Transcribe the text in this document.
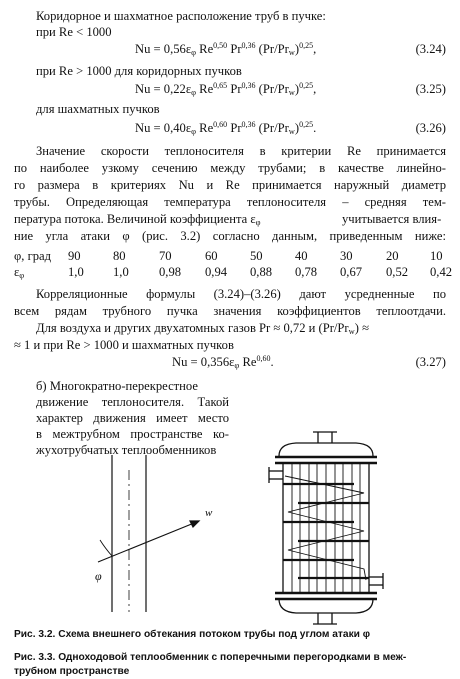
Коридорное и шахматное расположение труб в пучке:
при Re < 1000
$Nu = 0,56\varepsilon_\varphi$ Re$^{0,50}$ Pr$^{0,36}$ $(Pr/Pr_w)^{0,25}$,	(3.24)
при Re > 1000 для коридорных пучков
$Nu = 0,22\varepsilon_\varphi$ Re$^{0,65}$ Pr$^{0,36}$ $(Pr/Pr_w)^{0,25}$,	(3.25)
для шахматных пучков
$Nu = 0,40\varepsilon_\varphi$ Re$^{0,60}$ Pr$^{0,36}$ $(Pr/Pr_w)^{0,25}$.	(3.26)
Значение скорости теплоносителя в критерии Re принимается
по наиболее узкому сечению между трубами; в качестве линейно-
го размера в критериях Nu и Re принимается наружный диаметр
трубы. Определяющая температура теплоносителя – средняя тем-
пература потока. Величиной коэффициента $\varepsilon_\varphi$	учитывается влия-
ние угла атаки φ (рис. 3.2) согласно данным, приведенным ниже:
φ, град	90	80	70	60	50	40	30	20	10
$\varepsilon_\varphi$	1,0	1,0	0,98	0,94	0,88	0,78	0,67	0,52	0,42
Корреляционные формулы (3.24)–(3.26) дают усредненные по
всем рядам трубного пучка значения коэффициентов теплоотдачи.
Для воздуха и других двухатомных газов Pr ≈ 0,72 и $(Pr/Pr_w)$ ≈
≈ 1 и при Re > 1000 и шахматных пучков
$Nu = 0,356\varepsilon_\varphi$ Re$^{0,60}$.	(3.27)
б) Многократно-перекрестное
движение теплоносителя. Такой
характер движения имеет место
в межтрубном пространстве ко-
жухотрубчатых теплообменников
w
φ
Рис. 3.2. Схема внешнего обтекания потоком трубы под углом атаки φ
Рис. 3.3. Одноходовой теплообменник с поперечными перегородками в меж-
трубном пространстве
